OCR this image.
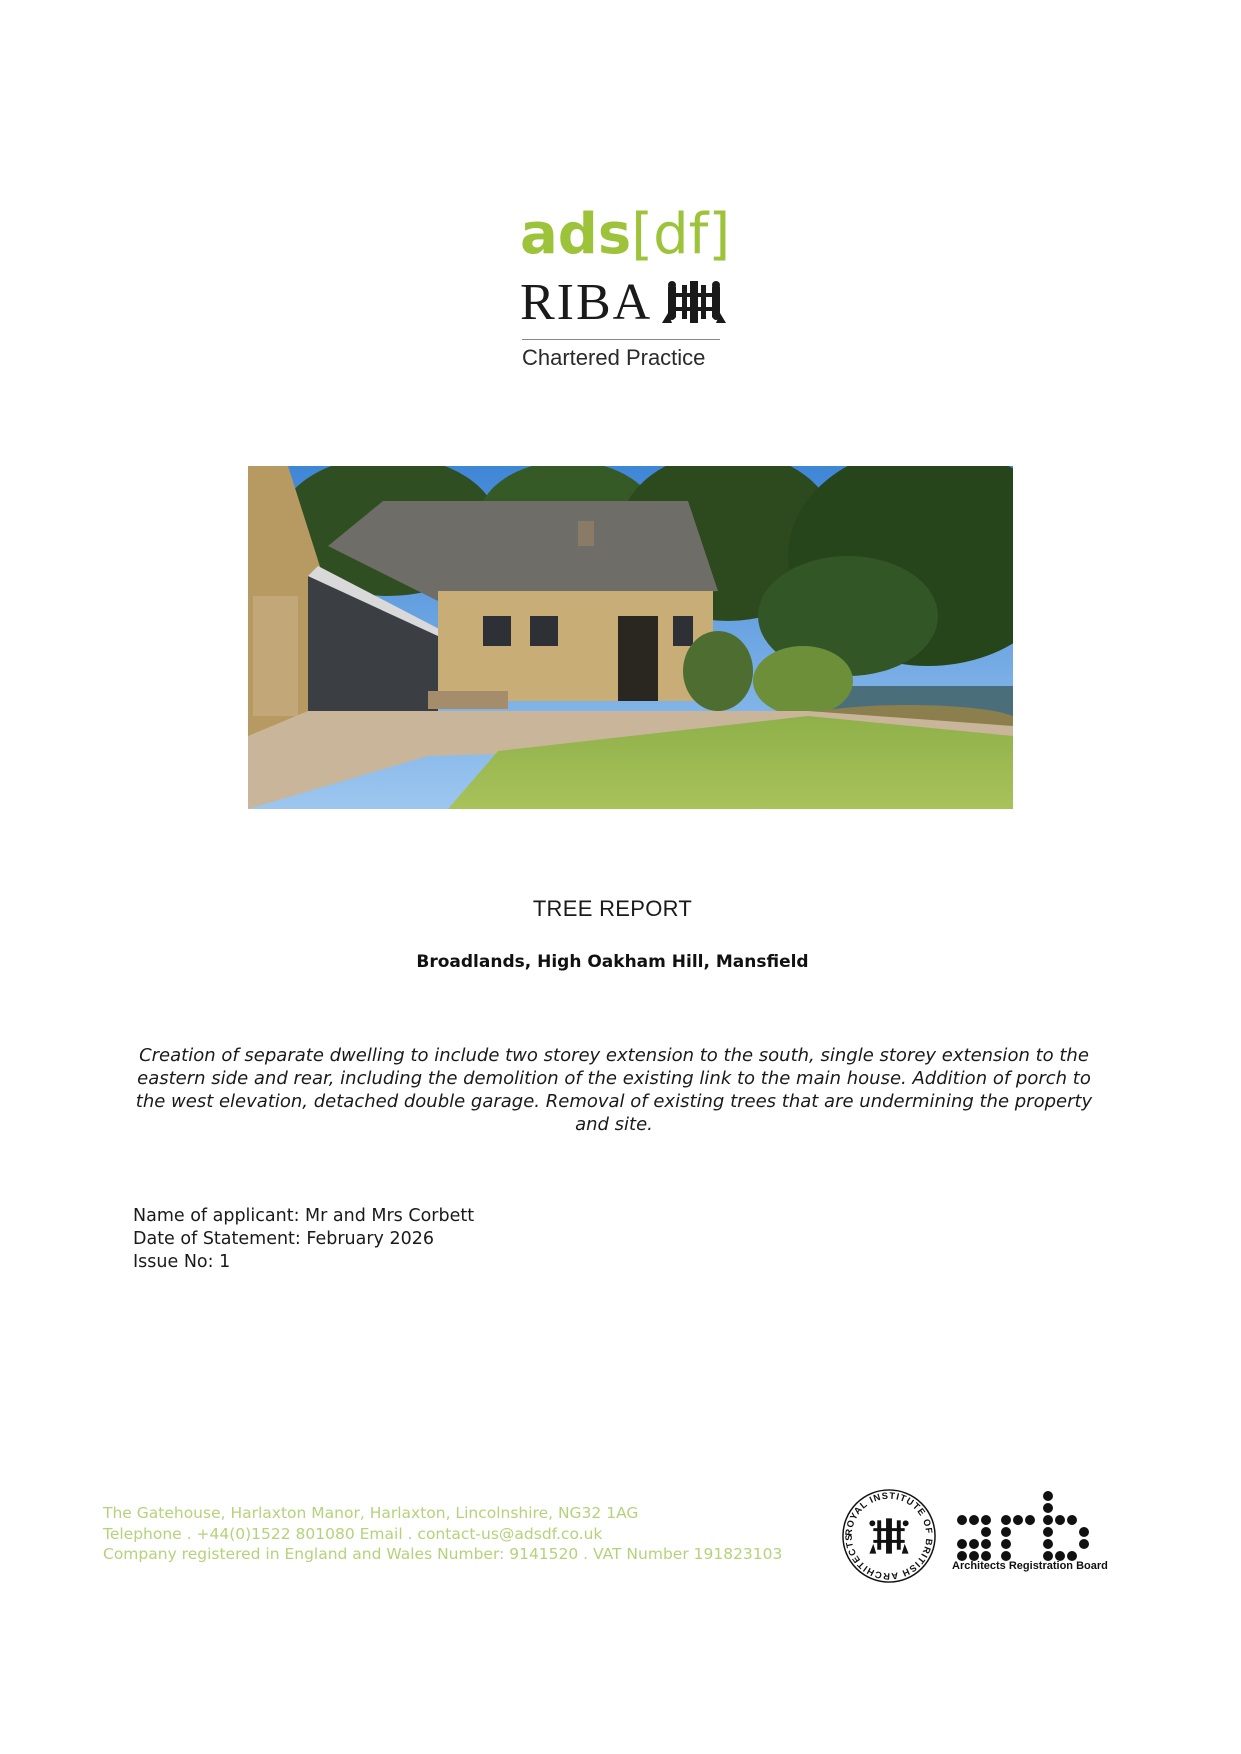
ads[df]
RIBA
Chartered Practice
TREE REPORT
Broadlands, High Oakham Hill, Mansfield
Creation of separate dwelling to include two storey extension to the south, single storey extension to the eastern side and rear, including the demolition of the existing link to the main house. Addition of porch to the west elevation, detached double garage. Removal of existing trees that are undermining the property and site.
Name of applicant: Mr and Mrs Corbett
Date of Statement: February 2026
Issue No: 1
The Gatehouse, Harlaxton Manor, Harlaxton, Lincolnshire, NG32 1AG
Telephone . +44(0)1522 801080 Email . contact-us@adsdf.co.uk
Company registered in England and Wales Number: 9141520 . VAT Number 191823103
ROYAL INSTITUTE OF BRITISH ARCHITECTS
Architects Registration Board
